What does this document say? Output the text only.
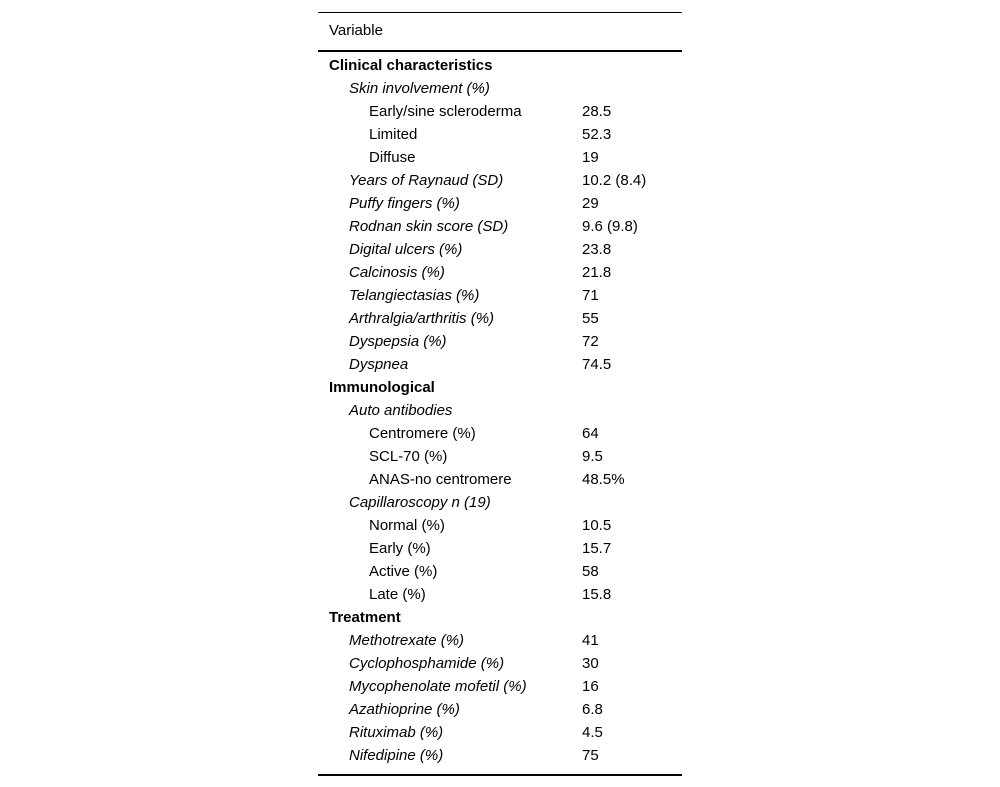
Variable
Clinical characteristics
Skin involvement (%)
Early/sine scleroderma	28.5
Limited	52.3
Diffuse	19
Years of Raynaud (SD)	10.2 (8.4)
Puffy fingers (%)	29
Rodnan skin score (SD)	9.6 (9.8)
Digital ulcers (%)	23.8
Calcinosis (%)	21.8
Telangiectasias (%)	71
Arthralgia/arthritis (%)	55
Dyspepsia (%)	72
Dyspnea	74.5
Immunological
Auto antibodies
Centromere (%)	64
SCL-70 (%)	9.5
ANAS-no centromere	48.5%
Capillaroscopy n (19)
Normal (%)	10.5
Early (%)	15.7
Active (%)	58
Late (%)	15.8
Treatment
Methotrexate (%)	41
Cyclophosphamide (%)	30
Mycophenolate mofetil (%)	16
Azathioprine (%)	6.8
Rituximab (%)	4.5
Nifedipine (%)	75
